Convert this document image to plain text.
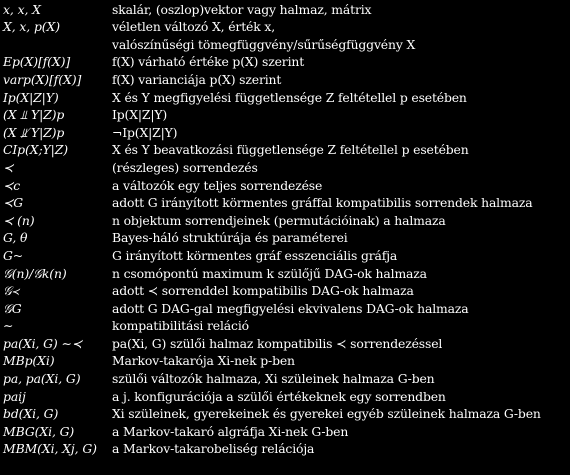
x, x, X	skalár, (oszlop)vektor vagy halmaz, mátrix
X, x, p(X)	véletlen változó X, érték x,
	valószínűségi tömegfüggvény/sűrűségfüggvény X
Ep(X)[f(X)]	f(X) várható értéke p(X) szerint
varp(X)[f(X)]	f(X) varianciája p(X) szerint
Ip(X|Z|Y)	X és Y megfigyelési függetlensége Z feltétellel p esetében
(X ⫫ Y|Z)p	Ip(X|Z|Y)
(X ⫫̸ Y|Z)p	¬Ip(X|Z|Y)
CIp(X;Y|Z)	X és Y beavatkozási függetlensége Z feltétellel p esetében
≺	(részleges) sorrendezés
≺c	a változók egy teljes sorrendezése
≺G	adott G irányított körmentes gráffal kompatibilis sorrendek halmaza
≺ (n)	n objektum sorrendjeinek (permutációinak) a halmaza
G, θ	Bayes-háló struktúrája és paraméterei
G~	G irányított körmentes gráf esszenciális gráfja
𝒢(n)/𝒢k(n)	n csomópontú maximum k szülőjű DAG-ok halmaza
𝒢≺	adott ≺ sorrenddel kompatibilis DAG-ok halmaza
𝒢G	adott G DAG-gal megfigyelési ekvivalens DAG-ok halmaza
∼	kompatibilitási reláció
pa(Xi, G) ∼≺	pa(Xi, G) szülői halmaz kompatibilis ≺ sorrendezéssel
MBp(Xi)	Markov-takarója Xi-nek p-ben
pa, pa(Xi, G)	szülői változók halmaza, Xi szüleinek halmaza G-ben
paij	a j. konfigurációja a szülői értékeknek egy sorrendben
bd(Xi, G)	Xi szüleinek, gyerekeinek és gyerekei egyéb szüleinek halmaza G-ben
MBG(Xi, G)	a Markov-takaró algráfja Xi-nek G-ben
MBM(Xi, Xj, G)	a Markov-takarobeliség relációja
